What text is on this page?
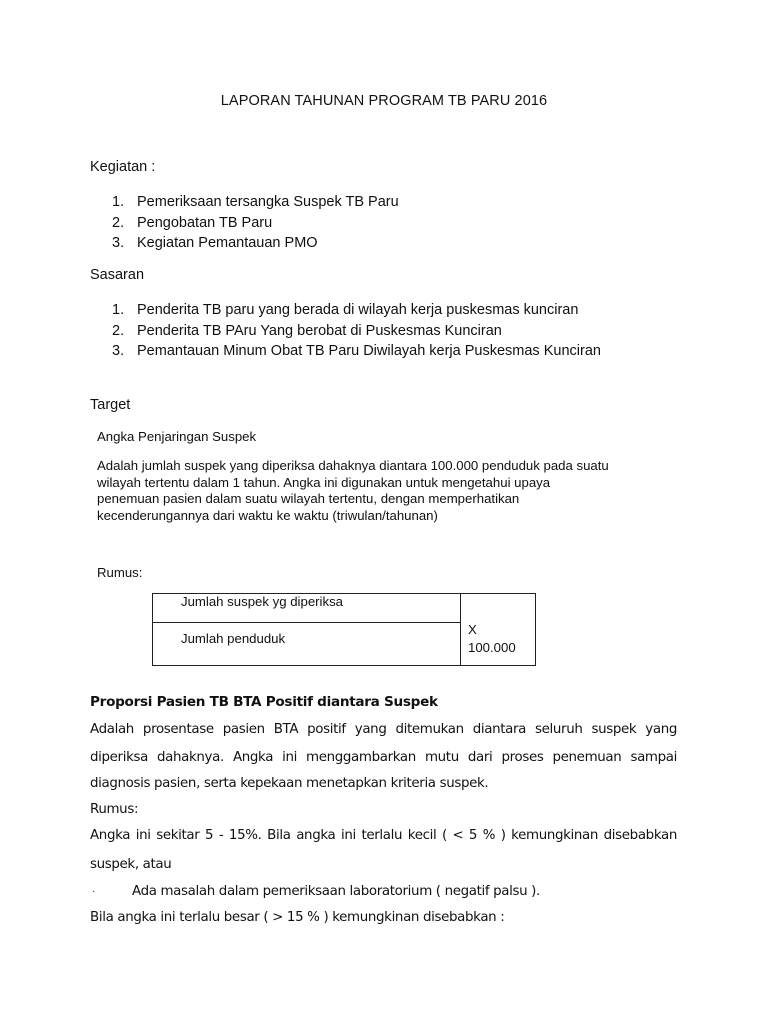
LAPORAN TAHUNAN PROGRAM TB PARU 2016
Kegiatan :
1. Pemeriksaan tersangka Suspek TB Paru
2. Pengobatan TB Paru
3. Kegiatan Pemantauan PMO
Sasaran
1. Penderita TB paru yang berada di wilayah kerja puskesmas kunciran
2. Penderita TB PAru Yang berobat di Puskesmas Kunciran
3. Pemantauan Minum Obat TB Paru Diwilayah kerja Puskesmas Kunciran
Target
Angka Penjaringan Suspek
Adalah jumlah suspek yang diperiksa dahaknya diantara 100.000 penduduk pada suatu
wilayah tertentu dalam 1 tahun. Angka ini digunakan untuk mengetahui upaya
penemuan pasien dalam suatu wilayah tertentu, dengan memperhatikan
kecenderungannya dari waktu ke waktu (triwulan/tahunan)
Rumus:
Jumlah suspek yg diperiksa
Jumlah penduduk
X
100.000
Proporsi Pasien TB BTA Positif diantara Suspek
Adalah prosentase pasien BTA positif yang ditemukan diantara seluruh suspek yang
diperiksa dahaknya. Angka ini menggambarkan mutu dari proses penemuan sampai
diagnosis pasien, serta kepekaan menetapkan kriteria suspek.
Rumus:
Angka ini sekitar 5 - 15%. Bila angka ini terlalu kecil ( < 5 % ) kemungkinan disebabkan
suspek, atau
·	Ada masalah dalam pemeriksaan laboratorium ( negatif palsu ).
Bila angka ini terlalu besar ( > 15 % ) kemungkinan disebabkan :
